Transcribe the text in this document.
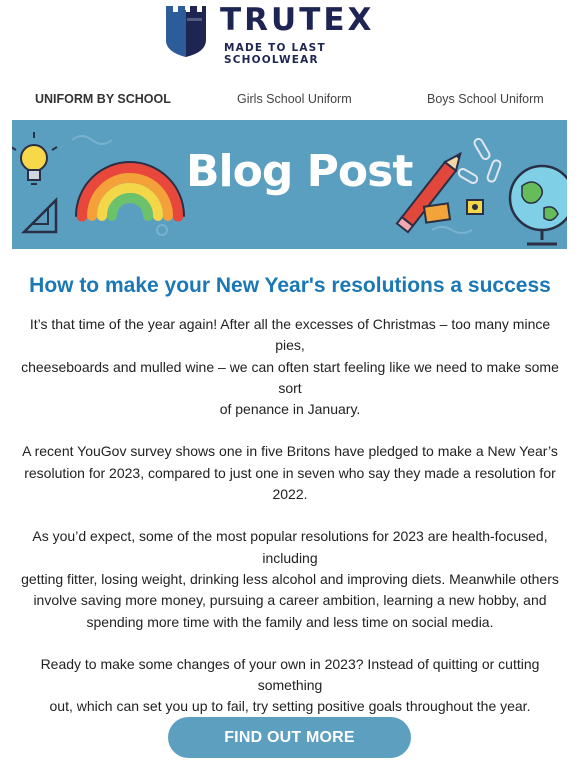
TRUTEX
MADE TO LAST SCHOOLWEAR
UNIFORM BY SCHOOL	Girls School Uniform	Boys School Uniform
Blog Post
How to make your New Year's resolutions a success

It’s that time of the year again! After all the excesses of Christmas – too many mince pies,
cheeseboards and mulled wine – we can often start feeling like we need to make some
sort
of penance in January.

A recent YouGov survey shows one in five Britons have pledged to make a New Year’s
resolution for 2023, compared to just one in seven who say they made a resolution for
2022.

As you’d expect, some of the most popular resolutions for 2023 are health-focused,
including
getting fitter, losing weight, drinking less alcohol and improving diets. Meanwhile others
involve saving more money, pursuing a career ambition, learning a new hobby, and
spending more time with the family and less time on social media.

Ready to make some changes of your own in 2023? Instead of quitting or cutting
something
out, which can set you up to fail, try setting positive goals throughout the year.

FIND OUT MORE
